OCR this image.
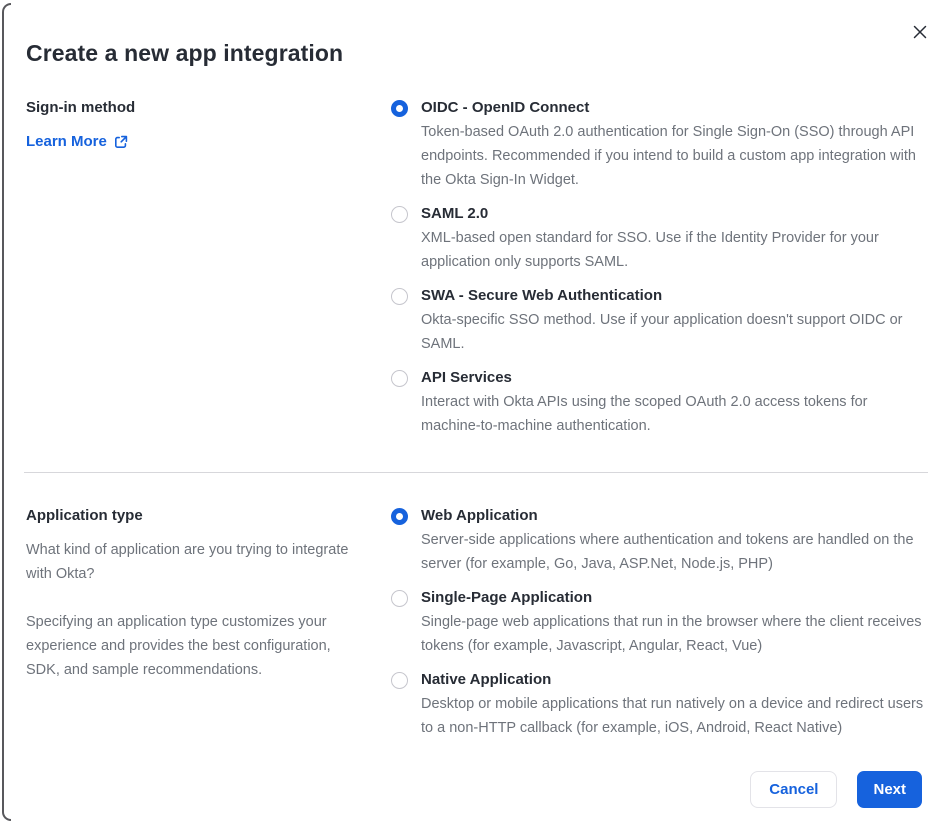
Create a new app integration
Sign-in method
Learn More
OIDC - OpenID Connect
Token-based OAuth 2.0 authentication for Single Sign-On (SSO) through API endpoints. Recommended if you intend to build a custom app integration with the Okta Sign-In Widget.
SAML 2.0
XML-based open standard for SSO. Use if the Identity Provider for your application only supports SAML.
SWA - Secure Web Authentication
Okta-specific SSO method. Use if your application doesn't support OIDC or SAML.
API Services
Interact with Okta APIs using the scoped OAuth 2.0 access tokens for machine-to-machine authentication.
Application type

What kind of application are you trying to integrate with Okta?

Specifying an application type customizes your experience and provides the best configuration, SDK, and sample recommendations.

Web Application
Server-side applications where authentication and tokens are handled on the server (for example, Go, Java, ASP.Net, Node.js, PHP)
Single-Page Application
Single-page web applications that run in the browser where the client receives tokens (for example, Javascript, Angular, React, Vue)
Native Application
Desktop or mobile applications that run natively on a device and redirect users to a non-HTTP callback (for example, iOS, Android, React Native)
Cancel	Next
